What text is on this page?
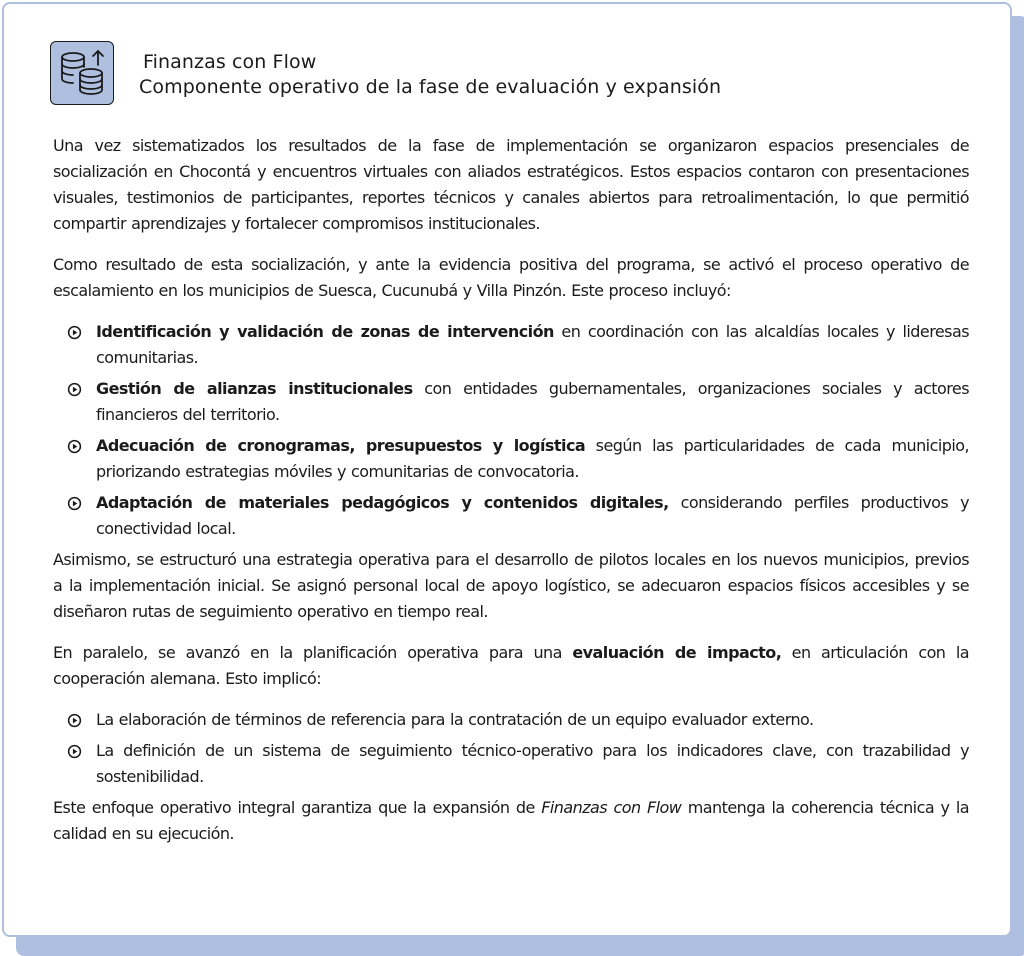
Finanzas con Flow
Componente operativo de la fase de evaluación y expansión

Una vez sistematizados los resultados de la fase de implementación se organizaron espacios presenciales de socialización en Chocontá y encuentros virtuales con aliados estratégicos. Estos espacios contaron con presentaciones visuales, testimonios de participantes, reportes técnicos y canales abiertos para retroalimentación, lo que permitió compartir aprendizajes y fortalecer compromisos institucionales.

Como resultado de esta socialización, y ante la evidencia positiva del programa, se activó el proceso operativo de escalamiento en los municipios de Suesca, Cucunubá y Villa Pinzón. Este proceso incluyó:

Identificación y validación de zonas de intervención en coordinación con las alcaldías locales y lideresas comunitarias.
Gestión de alianzas institucionales con entidades gubernamentales, organizaciones sociales y actores financieros del territorio.
Adecuación de cronogramas, presupuestos y logística según las particularidades de cada municipio, priorizando estrategias móviles y comunitarias de convocatoria.
Adaptación de materiales pedagógicos y contenidos digitales, considerando perfiles productivos y conectividad local.

Asimismo, se estructuró una estrategia operativa para el desarrollo de pilotos locales en los nuevos municipios, previos a la implementación inicial. Se asignó personal local de apoyo logístico, se adecuaron espacios físicos accesibles y se diseñaron rutas de seguimiento operativo en tiempo real.

En paralelo, se avanzó en la planificación operativa para una evaluación de impacto, en articulación con la cooperación alemana. Esto implicó:

La elaboración de términos de referencia para la contratación de un equipo evaluador externo.
La definición de un sistema de seguimiento técnico-operativo para los indicadores clave, con trazabilidad y sostenibilidad.

Este enfoque operativo integral garantiza que la expansión de Finanzas con Flow mantenga la coherencia técnica y la calidad en su ejecución.
